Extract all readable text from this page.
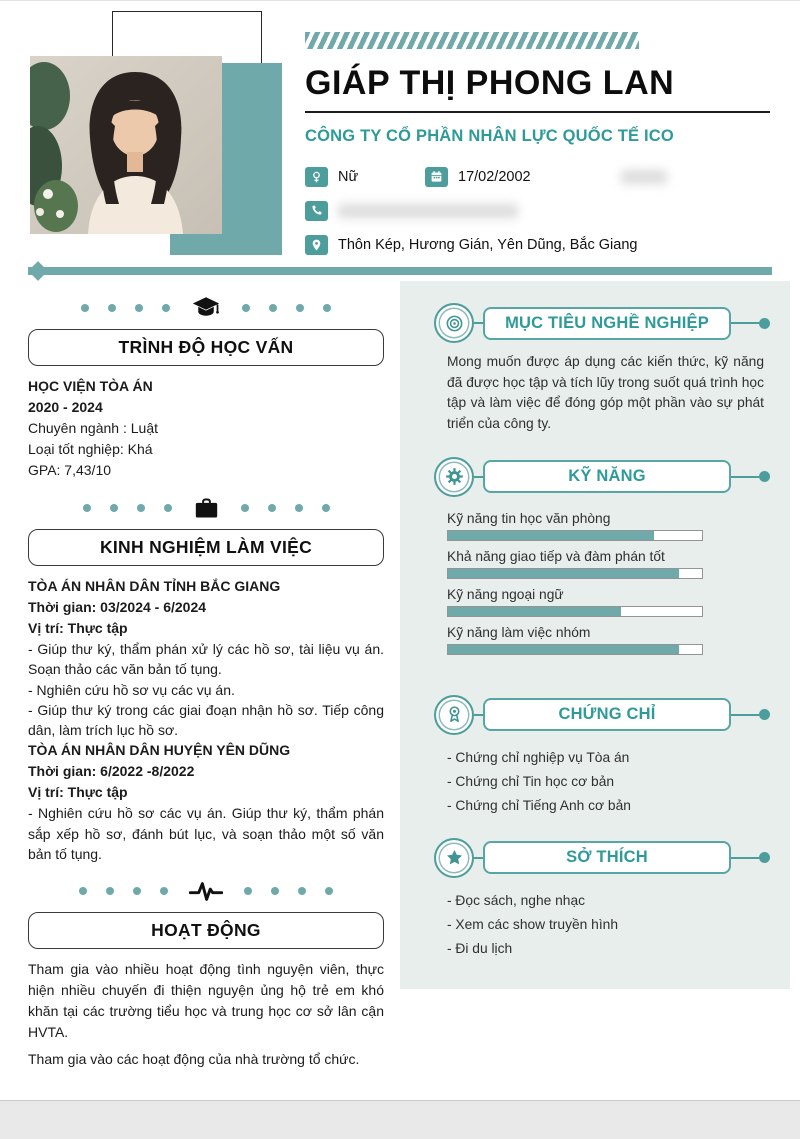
GIÁP THỊ PHONG LAN
CÔNG TY CỔ PHẦN NHÂN LỰC QUỐC TẾ ICO
Nữ	17/02/2002
Thôn Kép, Hương Gián, Yên Dũng, Bắc Giang
TRÌNH ĐỘ HỌC VẤN
HỌC VIỆN TÒA ÁN
2020 - 2024
Chuyên ngành : Luật
Loại tốt nghiệp: Khá
GPA: 7,43/10
KINH NGHIỆM LÀM VIỆC
TÒA ÁN NHÂN DÂN TỈNH BẮC GIANG
Thời gian: 03/2024 - 6/2024
Vị trí: Thực tập
- Giúp thư ký, thẩm phán xử lý các hồ sơ, tài liệu vụ án. Soạn thảo các văn bản tố tụng.
- Nghiên cứu hồ sơ vụ các vụ án.
- Giúp thư ký trong các giai đoạn nhận hồ sơ. Tiếp công dân, làm trích lục hồ sơ.
TÒA ÁN NHÂN DÂN HUYỆN YÊN DŨNG
Thời gian: 6/2022 -8/2022
Vị trí: Thực tập
- Nghiên cứu hồ sơ các vụ án. Giúp thư ký, thẩm phán sắp xếp hồ sơ, đánh bút lục, và soạn thảo một số văn bản tố tụng.
HOẠT ĐỘNG

Tham gia vào nhiều hoạt động tình nguyện viên, thực hiện nhiều chuyến đi thiện nguyện ủng hộ trẻ em khó khăn tại các trường tiểu học và trung học cơ sở lân cận HVTA.

Tham gia vào các hoạt động của nhà trường tổ chức.

MỤC TIÊU NGHỀ NGHIỆP

Mong muốn được áp dụng các kiến thức, kỹ năng đã được học tập và tích lũy trong suốt quá trình học tập và làm việc để đóng góp một phần vào sự phát triển của công ty.

KỸ NĂNG
Kỹ năng tin học văn phòng
Khả năng giao tiếp và đàm phán tốt
Kỹ năng ngoại ngữ
Kỹ năng làm việc nhóm
CHỨNG CHỈ
- Chứng chỉ nghiệp vụ Tòa án
- Chứng chỉ Tin học cơ bản
- Chứng chỉ Tiếng Anh cơ bản
SỞ THÍCH
- Đọc sách, nghe nhạc
- Xem các show truyền hình
- Đi du lịch
